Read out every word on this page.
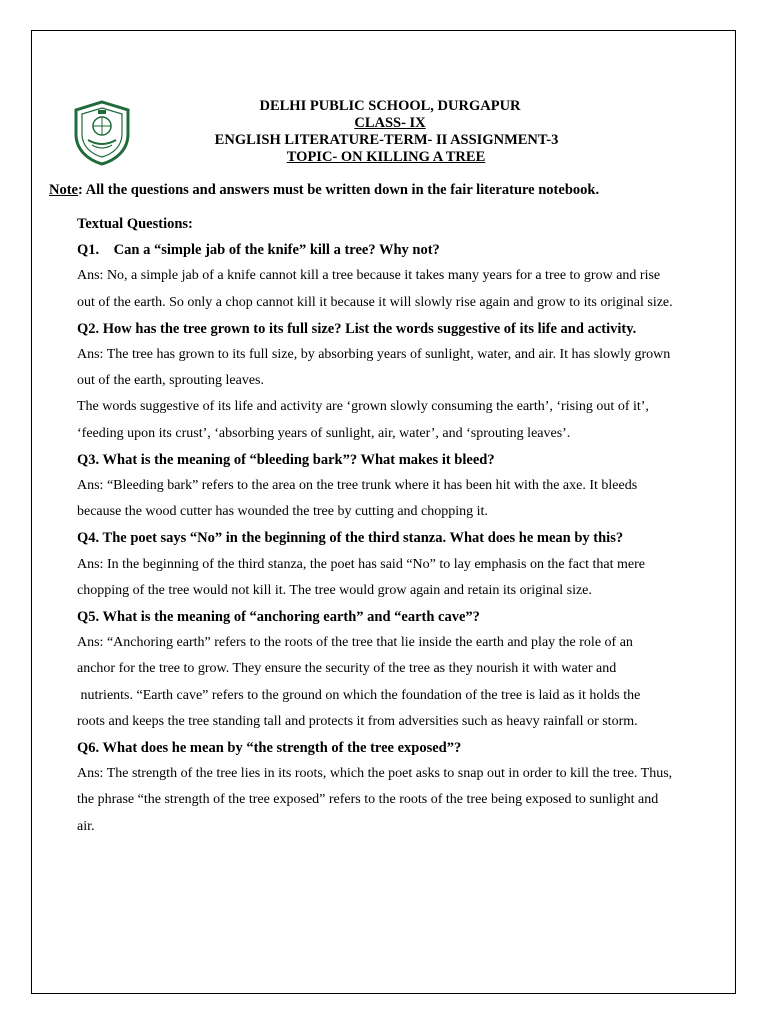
DELHI PUBLIC SCHOOL, DURGAPUR
CLASS- IX
ENGLISH LITERATURE-TERM- II ASSIGNMENT-3
TOPIC- ON KILLING A TREE
Note: All the questions and answers must be written down in the fair literature notebook.

Textual Questions:

Q1.    Can a “simple jab of the knife” kill a tree? Why not?

Ans: No, a simple jab of a knife cannot kill a tree because it takes many years for a tree to grow and rise

out of the earth. So only a chop cannot kill it because it will slowly rise again and grow to its original size.

Q2. How has the tree grown to its full size? List the words suggestive of its life and activity.

Ans: The tree has grown to its full size, by absorbing years of sunlight, water, and air. It has slowly grown

out of the earth, sprouting leaves.

The words suggestive of its life and activity are ‘grown slowly consuming the earth’, ‘rising out of it’,

‘feeding upon its crust’, ‘absorbing years of sunlight, air, water’, and ‘sprouting leaves’.

Q3. What is the meaning of “bleeding bark”? What makes it bleed?

Ans: “Bleeding bark” refers to the area on the tree trunk where it has been hit with the axe. It bleeds

because the wood cutter has wounded the tree by cutting and chopping it.

Q4. The poet says “No” in the beginning of the third stanza. What does he mean by this?

Ans: In the beginning of the third stanza, the poet has said “No” to lay emphasis on the fact that mere

chopping of the tree would not kill it. The tree would grow again and retain its original size.

Q5. What is the meaning of “anchoring earth” and “earth cave”?

Ans: “Anchoring earth” refers to the roots of the tree that lie inside the earth and play the role of an

anchor for the tree to grow. They ensure the security of the tree as they nourish it with water and

nutrients. “Earth cave” refers to the ground on which the foundation of the tree is laid as it holds the

roots and keeps the tree standing tall and protects it from adversities such as heavy rainfall or storm.

Q6. What does he mean by “the strength of the tree exposed”?

Ans: The strength of the tree lies in its roots, which the poet asks to snap out in order to kill the tree. Thus,

the phrase “the strength of the tree exposed” refers to the roots of the tree being exposed to sunlight and

air.
